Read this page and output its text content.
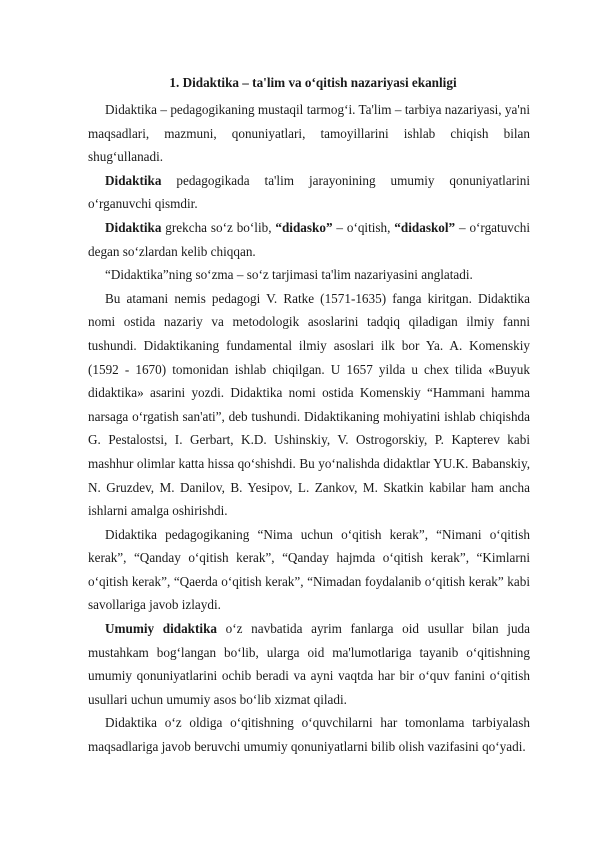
1. Didaktika – ta'lim va o‘qitish nazariyasi ekanligi

Didaktika – pedagogikaning mustaqil tarmog‘i. Ta'lim – tarbiya nazariyasi, ya'ni maqsadlari, mazmuni, qonuniyatlari, tamoyillarini ishlab chiqish bilan shug‘ullanadi.

Didaktika pedagogikada ta'lim jarayonining umumiy qonuniyatlarini o‘rganuvchi qismdir.

Didaktika grekcha so‘z bo‘lib, “didasko” – o‘qitish, “didaskol” – o‘rgatuvchi degan so‘zlardan kelib chiqqan.

“Didaktika”ning so‘zma – so‘z tarjimasi ta'lim nazariyasini anglatadi.

Bu atamani nemis pedagogi V. Ratke (1571-1635) fanga kiritgan. Didaktika nomi ostida nazariy va metodologik asoslarini tadqiq qiladigan ilmiy fanni tushundi. Didaktikaning fundamental ilmiy asoslari ilk bor Ya. A. Komenskiy (1592 - 1670) tomonidan ishlab chiqilgan. U 1657 yilda u chex tilida «Buyuk didaktika» asarini yozdi. Didaktika nomi ostida Komenskiy “Hammani hamma narsaga o‘rgatish san'ati”, deb tushundi. Didaktikaning mohiyatini ishlab chiqishda G. Pestalostsi, I. Gerbart, K.D. Ushinskiy, V. Ostrogorskiy, P. Kapterev kabi mashhur olimlar katta hissa qo‘shishdi. Bu yo‘nalishda didaktlar YU.K. Babanskiy, N. Gruzdev, M. Danilov, B. Yesipov, L. Zankov, M. Skatkin kabilar ham ancha ishlarni amalga oshirishdi.

Didaktika pedagogikaning “Nima uchun o‘qitish kerak”, “Nimani o‘qitish kerak”, “Qanday o‘qitish kerak”, “Qanday hajmda o‘qitish kerak”, “Kimlarni o‘qitish kerak”, “Qaerda o‘qitish kerak”, “Nimadan foydalanib o‘qitish kerak” kabi savollariga javob izlaydi.

Umumiy didaktika o‘z navbatida ayrim fanlarga oid usullar bilan juda mustahkam bog‘langan bo‘lib, ularga oid ma'lumotlariga tayanib o‘qitishning umumiy qonuniyatlarini ochib beradi va ayni vaqtda har bir o‘quv fanini o‘qitish usullari uchun umumiy asos bo‘lib xizmat qiladi.

Didaktika o‘z oldiga o‘qitishning o‘quvchilarni har tomonlama tarbiyalash maqsadlariga javob beruvchi umumiy qonuniyatlarni bilib olish vazifasini qo‘yadi.
